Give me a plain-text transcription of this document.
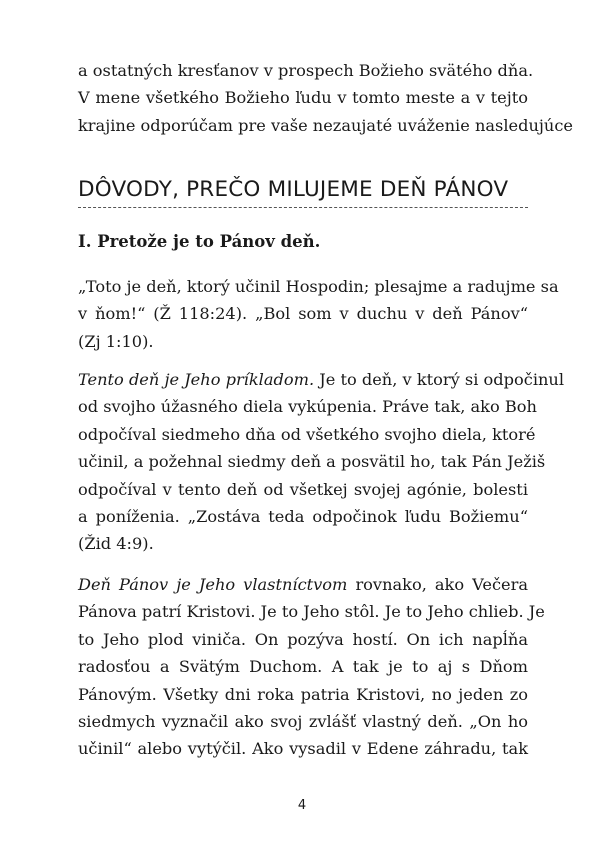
a ostatných kresťanov v prospech Božieho svätého dňa.
V mene všetkého Božieho ľudu v tomto meste a v tejto
krajine odporúčam pre vaše nezaujaté uváženie nasledujúce

DÔVODY, PREČO MILUJEME DEŇ PÁNOV
I. Pretože je to Pánov deň.

„Toto je deň, ktorý učinil Hospodin; plesajme a radujme sa
v ňom!“ (Ž 118:24). „Bol som v duchu v deň Pánov“
(Zj 1:10).

Tento deň je Jeho príkladom. Je to deň, v ktorý si odpočinul
od svojho úžasného diela vykúpenia. Práve tak, ako Boh
odpočíval siedmeho dňa od všetkého svojho diela, ktoré
učinil, a požehnal siedmy deň a posvätil ho, tak Pán Ježiš
odpočíval v tento deň od všetkej svojej agónie, bolesti
a poníženia. „Zostáva teda odpočinok ľudu Božiemu“
(Žid 4:9).

Deň Pánov je Jeho vlastníctvom rovnako, ako Večera
Pánova patrí Kristovi. Je to Jeho stôl. Je to Jeho chlieb. Je
to Jeho plod viniča. On pozýva hostí. On ich napĺňa
radosťou a Svätým Duchom. A tak je to aj s Dňom
Pánovým. Všetky dni roka patria Kristovi, no jeden zo
siedmych vyznačil ako svoj zvlášť vlastný deň. „On ho
učinil“ alebo vytýčil. Ako vysadil v Edene záhradu, tak

4
